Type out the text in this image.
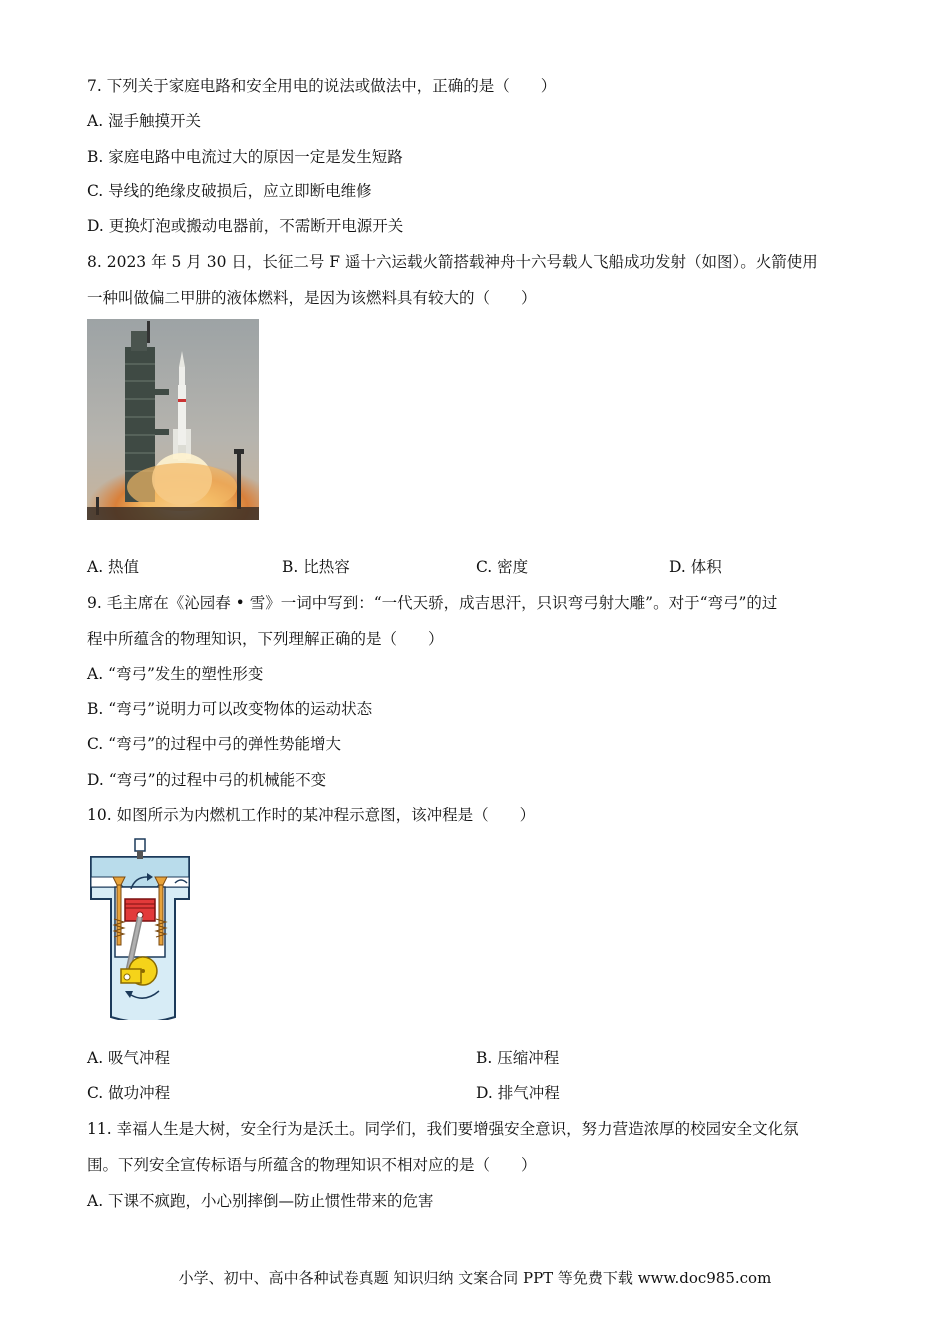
7. 下列关于家庭电路和安全用电的说法或做法中，正确的是（　　）
A. 湿手触摸开关
B. 家庭电路中电流过大的原因一定是发生短路
C. 导线的绝缘皮破损后，应立即断电维修
D. 更换灯泡或搬动电器前，不需断开电源开关
8. 2023 年 5 月 30 日，长征二号 F 遥十六运载火箭搭载神舟十六号载人飞船成功发射（如图）。火箭使用
一种叫做偏二甲肼的液体燃料，是因为该燃料具有较大的（　　）
A. 热值	B. 比热容	C. 密度	D. 体积
9. 毛主席在《沁园春 • 雪》一词中写到：“一代天骄，成吉思汗，只识弯弓射大雕”。对于“弯弓”的过
程中所蕴含的物理知识，下列理解正确的是（　　）
A. “弯弓”发生的塑性形变
B. “弯弓”说明力可以改变物体的运动状态
C. “弯弓”的过程中弓的弹性势能增大
D. “弯弓”的过程中弓的机械能不变
10. 如图所示为内燃机工作时的某冲程示意图，该冲程是（　　）
A. 吸气冲程	B. 压缩冲程
C. 做功冲程	D. 排气冲程
11. 幸福人生是大树，安全行为是沃土。同学们，我们要增强安全意识，努力营造浓厚的校园安全文化氛
围。下列安全宣传标语与所蕴含的物理知识不相对应的是（　　）
A. 下课不疯跑，小心别摔倒—防止惯性带来的危害
小学、初中、高中各种试卷真题 知识归纳 文案合同 PPT 等免费下载 www.doc985.com
